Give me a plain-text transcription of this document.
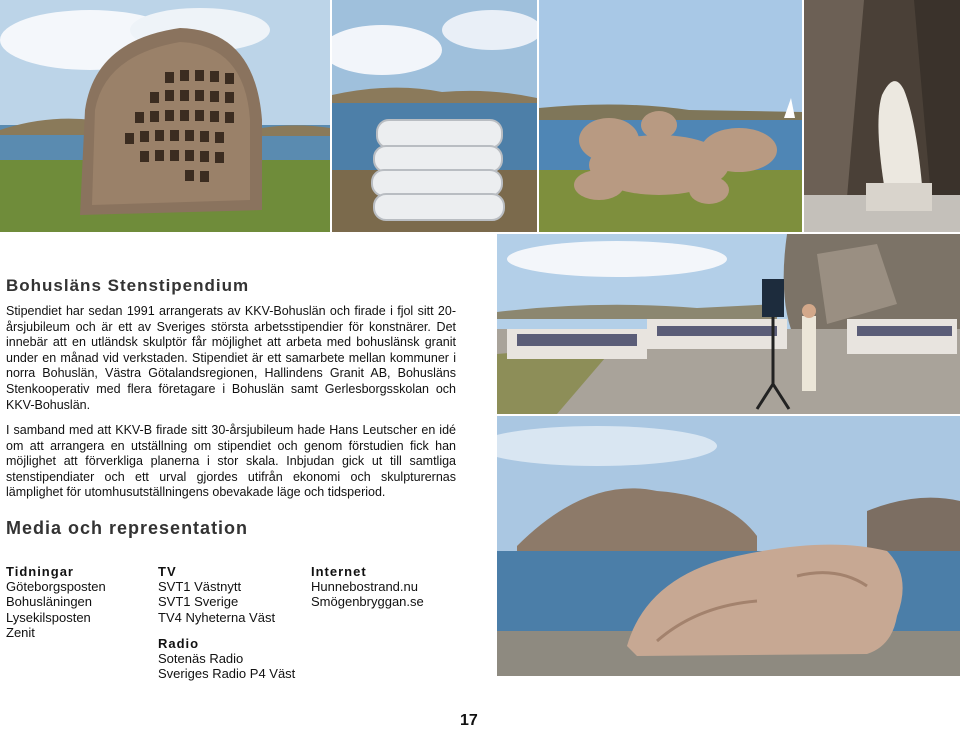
Bohusläns Stenstipendium

Stipendiet har sedan 1991 arrangerats av KKV-Bohuslän och firade i fjol sitt 20-årsjubileum och är ett av Sveriges största arbetsstipendier för konstnärer. Det innebär att en utländsk skulptör får möjlighet att arbeta med bohuslänsk granit under en månad vid verkstaden. Stipendiet är ett samarbete mellan kommuner i norra Bohuslän, Västra Götalandsregionen, Hallindens Granit AB, Bohusläns Stenkooperativ med flera företagare i Bohuslän samt Gerlesborgsskolan och KKV-Bohuslän.

I samband med att KKV-B firade sitt 30-årsjubileum hade Hans Leutscher en idé om att arrangera en utställning om stipendiet och genom förstudien fick han möjlighet att förverkliga planerna i stor skala. Inbjudan gick ut till samtliga stenstipendiater och ett urval gjordes utifrån ekonomi och skulpturernas lämplighet för utomhusutställningens obevakade läge och tidsperiod.

Media och representation
Tidningar
Göteborgsposten
Bohusläningen
Lysekilsposten
Zenit
TV
SVT1 Västnytt
SVT1 Sverige
TV4 Nyheterna Väst
Radio
Sotenäs Radio
Sveriges Radio P4 Väst
Internet
Hunnebostrand.nu
Smögenbryggan.se
17
